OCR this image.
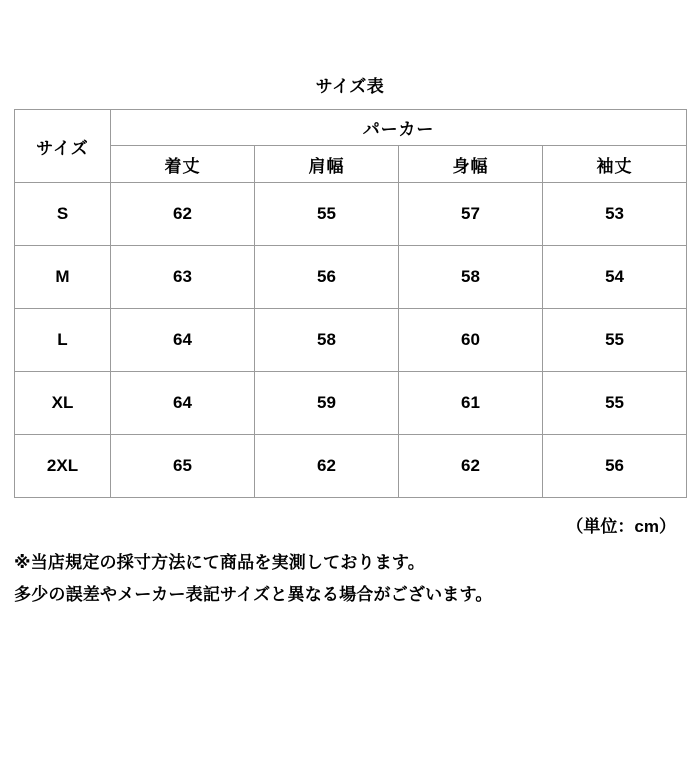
サイズ表
サイズ	パーカー			
	着丈	肩幅	身幅	袖丈
S	62	55	57	53
M	63	56	58	54
L	64	58	60	55
XL	64	59	61	55
2XL	65	62	62	56
（単位：cm）
※当店規定の採寸方法にて商品を実測しております。
多少の誤差やメーカー表記サイズと異なる場合がございます。
